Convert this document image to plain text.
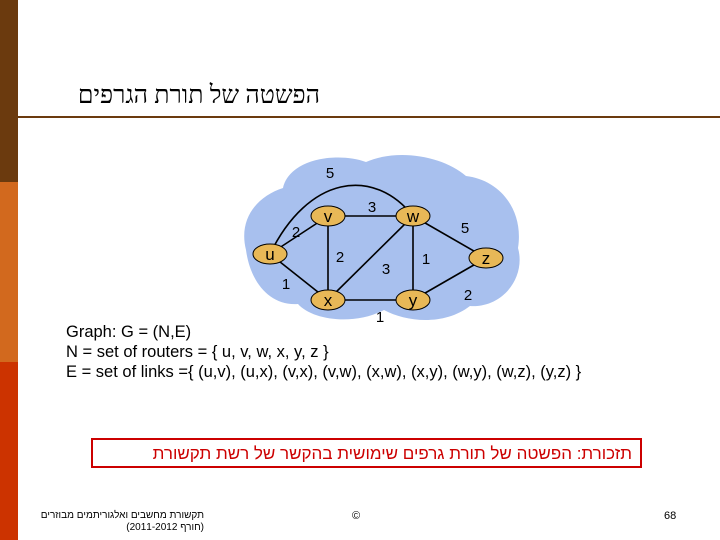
הפשטה של תורת הגרפים
u
v	w
x	y
z
2
1
2
3
3
1
1
5
2
5
Graph: G = (N,E)
N = set of routers = { u, v, w, x, y, z }
E = set of links ={ (u,v), (u,x), (v,x), (v,w), (x,w), (x,y), (w,y), (w,z), (y,z) }
תזכורת: הפשטה של תורת גרפים שימושית בהקשר של רשת תקשורת
תקשורת מחשבים ואלגוריתמים מבוזרים
(חורף 2011-2012)
©	68
